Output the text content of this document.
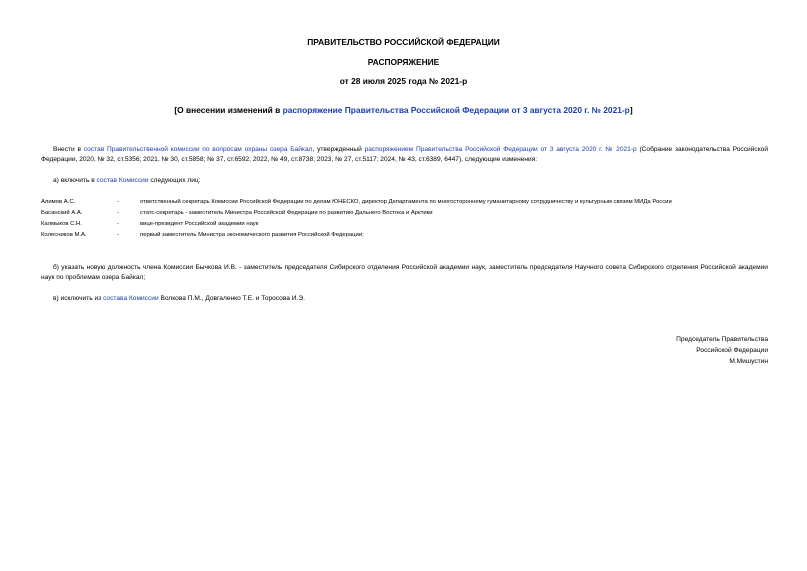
ПРАВИТЕЛЬСТВО РОССИЙСКОЙ ФЕДЕРАЦИИ
РАСПОРЯЖЕНИЕ
от 28 июля 2025 года № 2021-р
[О внесении изменений в распоряжение Правительства Российской Федерации от 3 августа 2020 г. № 2021-р]
Внести в состав Правительственной комиссии по вопросам охраны озера Байкал, утвержденный распоряжением Правительства Российской Федерации от 3 августа 2020 г. № 2021-р (Собрание законодательства Российской Федерации, 2020, № 32, ст.5356; 2021, № 30, ст.5858; № 37, ст.6592; 2022, № 49, ст.8738; 2023, № 27, ст.5117; 2024, № 43, ст.6389, 6447), следующие изменения:
а) включить в состав Комиссии следующих лиц:
Алимов А.С.	-	ответственный секретарь Комиссии Российской Федерации по делам ЮНЕСКО, директор Департамента по многостороннему гуманитарному сотрудничеству и культурным связям МИДа России
Басанский А.А.	-	статс-секретарь - заместитель Министра Российской Федерации по развитию Дальнего Востока и Арктики
Калмыков С.Н.	-	вице-президент Российской академии наук
Колесников М.А.	-	первый заместитель Министра экономического развития Российской Федерации;
б) указать новую должность члена Комиссии Бычкова И.В. - заместитель председателя Сибирского отделения Российской академии наук, заместитель председателя Научного совета Сибирского отделения Российской академии наук по проблемам озера Байкал;
в) исключить из состава Комиссии Волкова П.М., Довгаленко Т.Е. и Торосова И.Э.
Председатель Правительства
Российской Федерации
М.Мишустин
